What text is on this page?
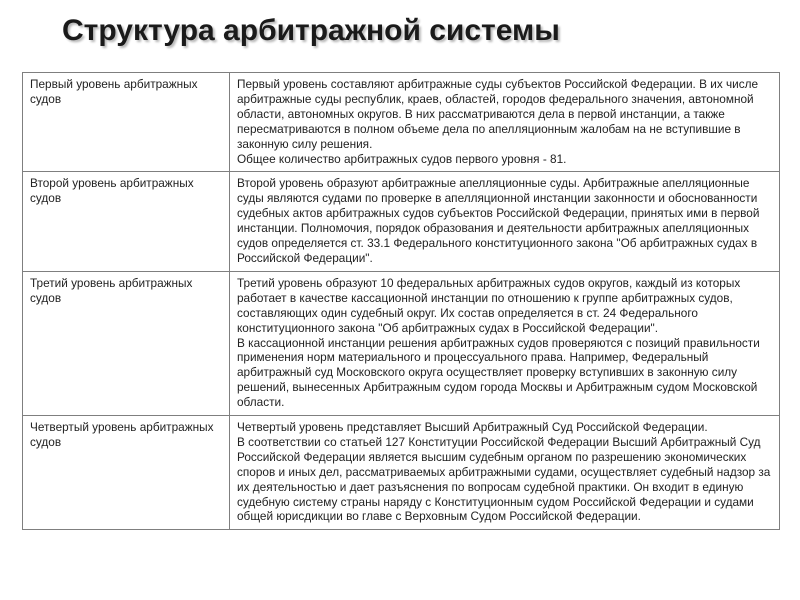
Структура арбитражной системы
Первый уровень арбитражных судов	Первый уровень составляют арбитражные суды субъектов Российской Федерации. В их числе арбитражные суды республик, краев, областей, городов федерального значения, автономной области, автономных округов. В них рассматриваются дела в первой инстанции, а также пересматриваются в полном объеме дела по апелляционным жалобам на не вступившие в законную силу решения.

Общее количество арбитражных судов первого уровня - 81.

Второй уровень арбитражных судов	Второй уровень образуют арбитражные апелляционные суды. Арбитражные апелляционные суды являются судами по проверке в апелляционной инстанции законности и обоснованности судебных актов арбитражных судов субъектов Российской Федерации, принятых ими в первой инстанции. Полномочия, порядок образования и деятельности арбитражных апелляционных судов определяется ст. 33.1 Федерального конституционного закона "Об арбитражных судах в Российской Федерации".

Третий уровень арбитражных судов	Третий уровень образуют 10 федеральных арбитражных судов округов, каждый из которых работает в качестве кассационной инстанции по отношению к группе арбитражных судов, составляющих один судебный округ. Их состав определяется в ст. 24 Федерального конституционного закона "Об арбитражных судах в Российской Федерации".

В кассационной инстанции решения арбитражных судов проверяются с позиций правильности применения норм материального и процессуального права. Например, Федеральный арбитражный суд Московского округа осуществляет проверку вступивших в законную силу решений, вынесенных Арбитражным судом города Москвы и Арбитражным судом Московской области.

Четвертый уровень арбитражных судов	Четвертый уровень представляет Высший Арбитражный Суд Российской Федерации.

В соответствии со статьей 127 Конституции Российской Федерации Высший Арбитражный Суд Российской Федерации является высшим судебным органом по разрешению экономических споров и иных дел, рассматриваемых арбитражными судами, осуществляет судебный надзор за их деятельностью и дает разъяснения по вопросам судебной практики. Он входит в единую судебную систему страны наряду с Конституционным судом Российской Федерации и судами общей юрисдикции во главе с Верховным Судом Российской Федерации.
